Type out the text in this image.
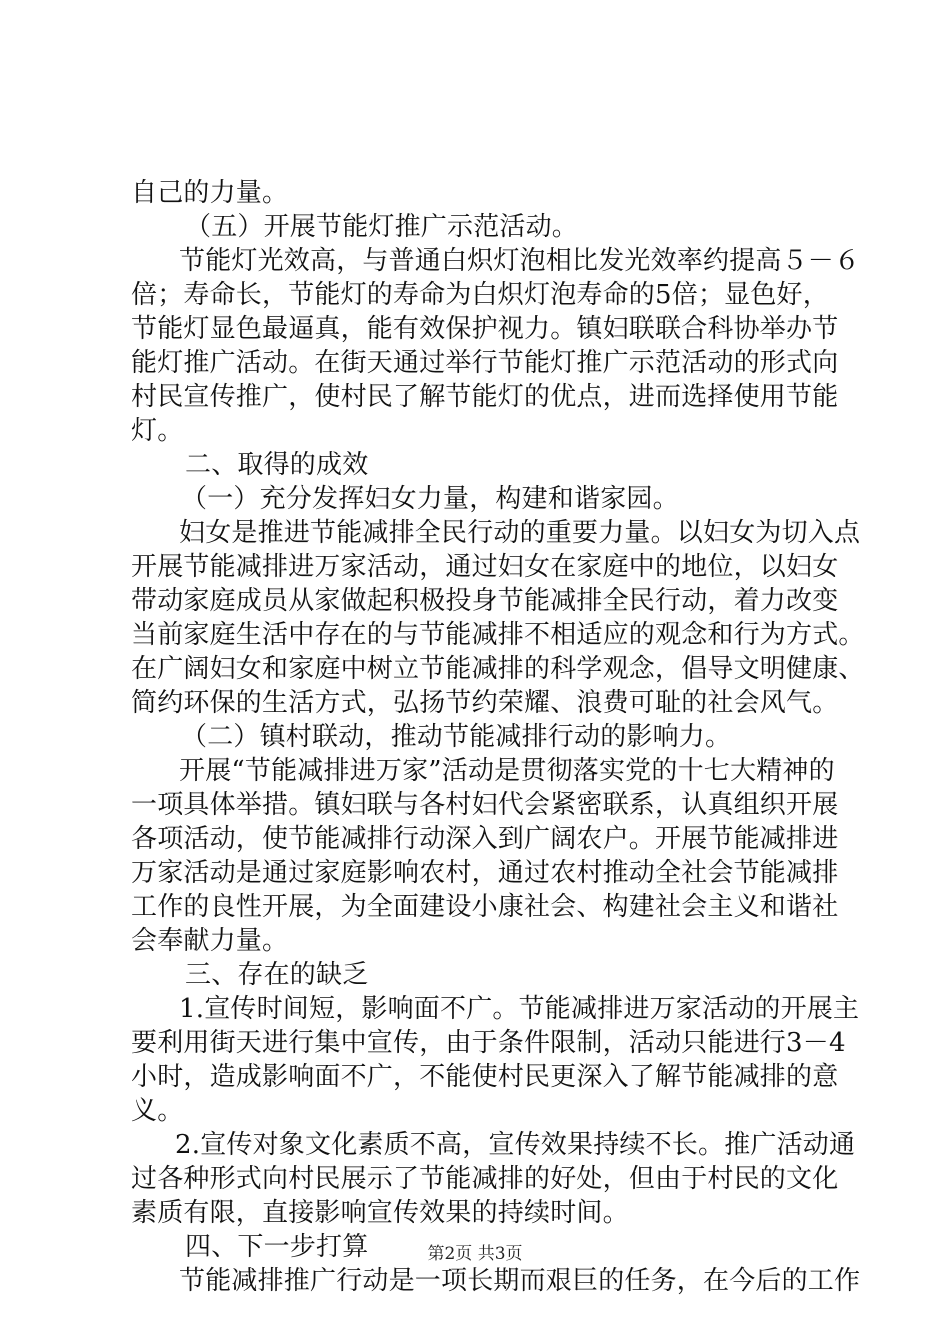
自己的力量。
（五）开展节能灯推广示范活动。
节能灯光效高，与普通白炽灯泡相比发光效率约提高５－６
倍；寿命长，节能灯的寿命为白炽灯泡寿命的5倍；显色好，
节能灯显色最逼真，能有效保护视力。镇妇联联合科协举办节
能灯推广活动。在街天通过举行节能灯推广示范活动的形式向
村民宣传推广，使村民了解节能灯的优点，进而选择使用节能
灯。
二、取得的成效
（一）充分发挥妇女力量，构建和谐家园。
妇女是推进节能减排全民行动的重要力量。以妇女为切入点
开展节能减排进万家活动，通过妇女在家庭中的地位，以妇女
带动家庭成员从家做起积极投身节能减排全民行动，着力改变
当前家庭生活中存在的与节能减排不相适应的观念和行为方式。
在广阔妇女和家庭中树立节能减排的科学观念，倡导文明健康、
简约环保的生活方式，弘扬节约荣耀、浪费可耻的社会风气。
（二）镇村联动，推动节能减排行动的影响力。
开展“节能减排进万家”活动是贯彻落实党的十七大精神的
一项具体举措。镇妇联与各村妇代会紧密联系，认真组织开展
各项活动，使节能减排行动深入到广阔农户。开展节能减排进
万家活动是通过家庭影响农村，通过农村推动全社会节能减排
工作的良性开展，为全面建设小康社会、构建社会主义和谐社
会奉献力量。
三、存在的缺乏
1.宣传时间短，影响面不广。节能减排进万家活动的开展主
要利用街天进行集中宣传，由于条件限制，活动只能进行3－4
小时，造成影响面不广，不能使村民更深入了解节能减排的意
义。
2.宣传对象文化素质不高，宣传效果持续不长。推广活动通
过各种形式向村民展示了节能减排的好处，但由于村民的文化
素质有限，直接影响宣传效果的持续时间。
四、下一步打算
节能减排推广行动是一项长期而艰巨的任务，在今后的工作
第2页 共3页
